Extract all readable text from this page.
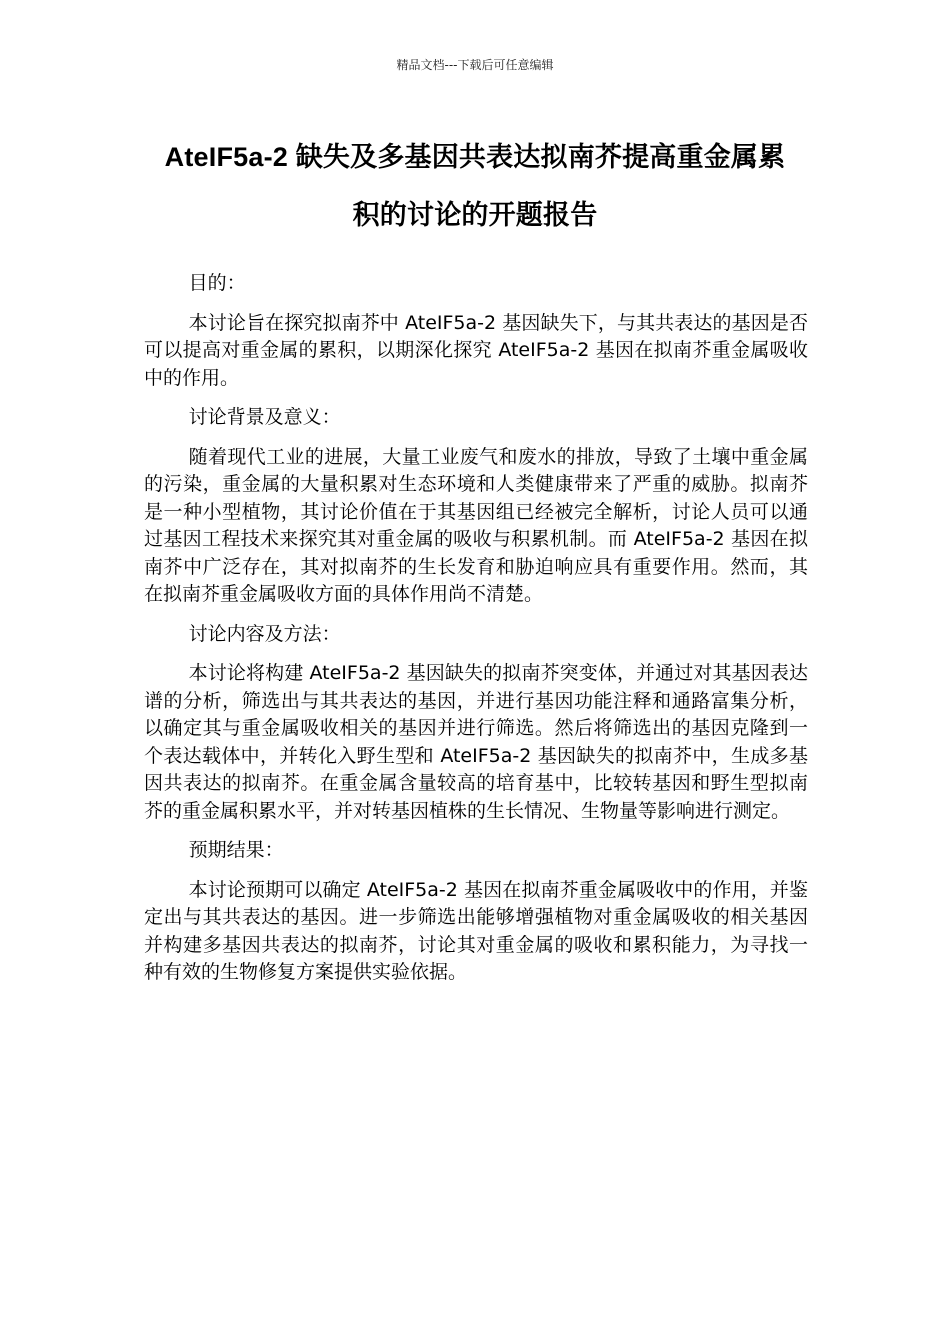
精品文档---下载后可任意编辑
AteIF5a-2 缺失及多基因共表达拟南芥提高重金属累
积的讨论的开题报告

目的：

本讨论旨在探究拟南芥中 AteIF5a-2 基因缺失下，与其共表达的基因是否可以提高对重金属的累积，以期深化探究 AteIF5a-2 基因在拟南芥重金属吸收中的作用。

讨论背景及意义：

随着现代工业的进展，大量工业废气和废水的排放，导致了土壤中重金属的污染，重金属的大量积累对生态环境和人类健康带来了严重的威胁。拟南芥是一种小型植物，其讨论价值在于其基因组已经被完全解析，讨论人员可以通过基因工程技术来探究其对重金属的吸收与积累机制。而 AteIF5a-2 基因在拟南芥中广泛存在，其对拟南芥的生长发育和胁迫响应具有重要作用。然而，其在拟南芥重金属吸收方面的具体作用尚不清楚。

讨论内容及方法：

本讨论将构建 AteIF5a-2 基因缺失的拟南芥突变体，并通过对其基因表达谱的分析，筛选出与其共表达的基因，并进行基因功能注释和通路富集分析，以确定其与重金属吸收相关的基因并进行筛选。然后将筛选出的基因克隆到一个表达载体中，并转化入野生型和 AteIF5a-2 基因缺失的拟南芥中，生成多基因共表达的拟南芥。在重金属含量较高的培育基中，比较转基因和野生型拟南芥的重金属积累水平，并对转基因植株的生长情况、生物量等影响进行测定。

预期结果：

本讨论预期可以确定 AteIF5a-2 基因在拟南芥重金属吸收中的作用，并鉴定出与其共表达的基因。进一步筛选出能够增强植物对重金属吸收的相关基因并构建多基因共表达的拟南芥，讨论其对重金属的吸收和累积能力，为寻找一种有效的生物修复方案提供实验依据。
